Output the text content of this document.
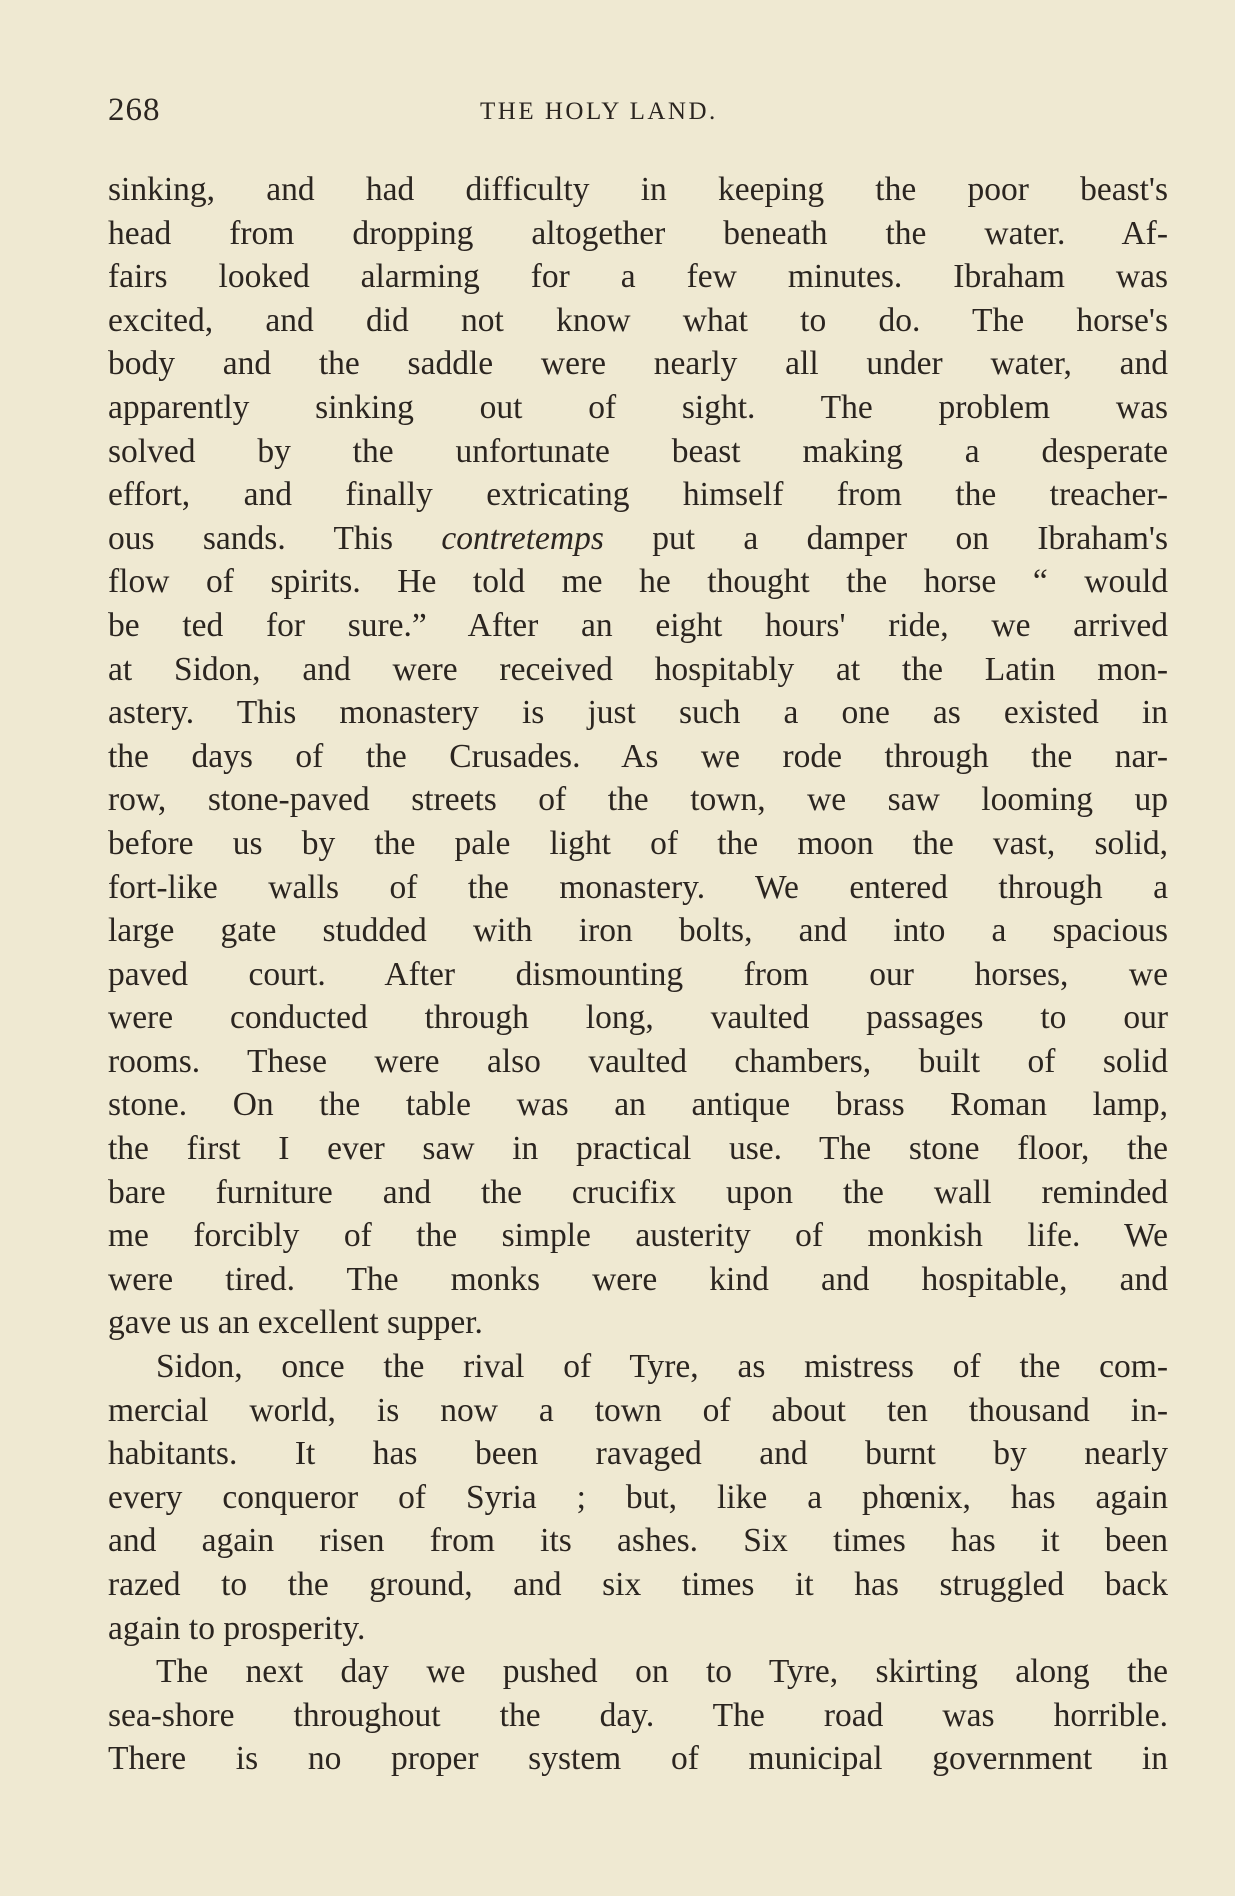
268	THE HOLY LAND.
sinking, and had difficulty in keeping the poor beast's
head from dropping altogether beneath the water. Af-
fairs looked alarming for a few minutes. Ibraham was
excited, and did not know what to do. The horse's
body and the saddle were nearly all under water, and
apparently sinking out of sight. The problem was
solved by the unfortunate beast making a desperate
effort, and finally extricating himself from the treacher-
ous sands. This contretemps put a damper on Ibraham's
flow of spirits. He told me he thought the horse “ would
be ted for sure.” After an eight hours' ride, we arrived
at Sidon, and were received hospitably at the Latin mon-
astery. This monastery is just such a one as existed in
the days of the Crusades. As we rode through the nar-
row, stone-paved streets of the town, we saw looming up
before us by the pale light of the moon the vast, solid,
fort-like walls of the monastery. We entered through a
large gate studded with iron bolts, and into a spacious
paved court. After dismounting from our horses, we
were conducted through long, vaulted passages to our
rooms. These were also vaulted chambers, built of solid
stone. On the table was an antique brass Roman lamp,
the first I ever saw in practical use. The stone floor, the
bare furniture and the crucifix upon the wall reminded
me forcibly of the simple austerity of monkish life. We
were tired. The monks were kind and hospitable, and
gave us an excellent supper.
Sidon, once the rival of Tyre, as mistress of the com-
mercial world, is now a town of about ten thousand in-
habitants. It has been ravaged and burnt by nearly
every conqueror of Syria ; but, like a phœnix, has again
and again risen from its ashes. Six times has it been
razed to the ground, and six times it has struggled back
again to prosperity.
The next day we pushed on to Tyre, skirting along the
sea-shore throughout the day. The road was horrible.
There is no proper system of municipal government in
